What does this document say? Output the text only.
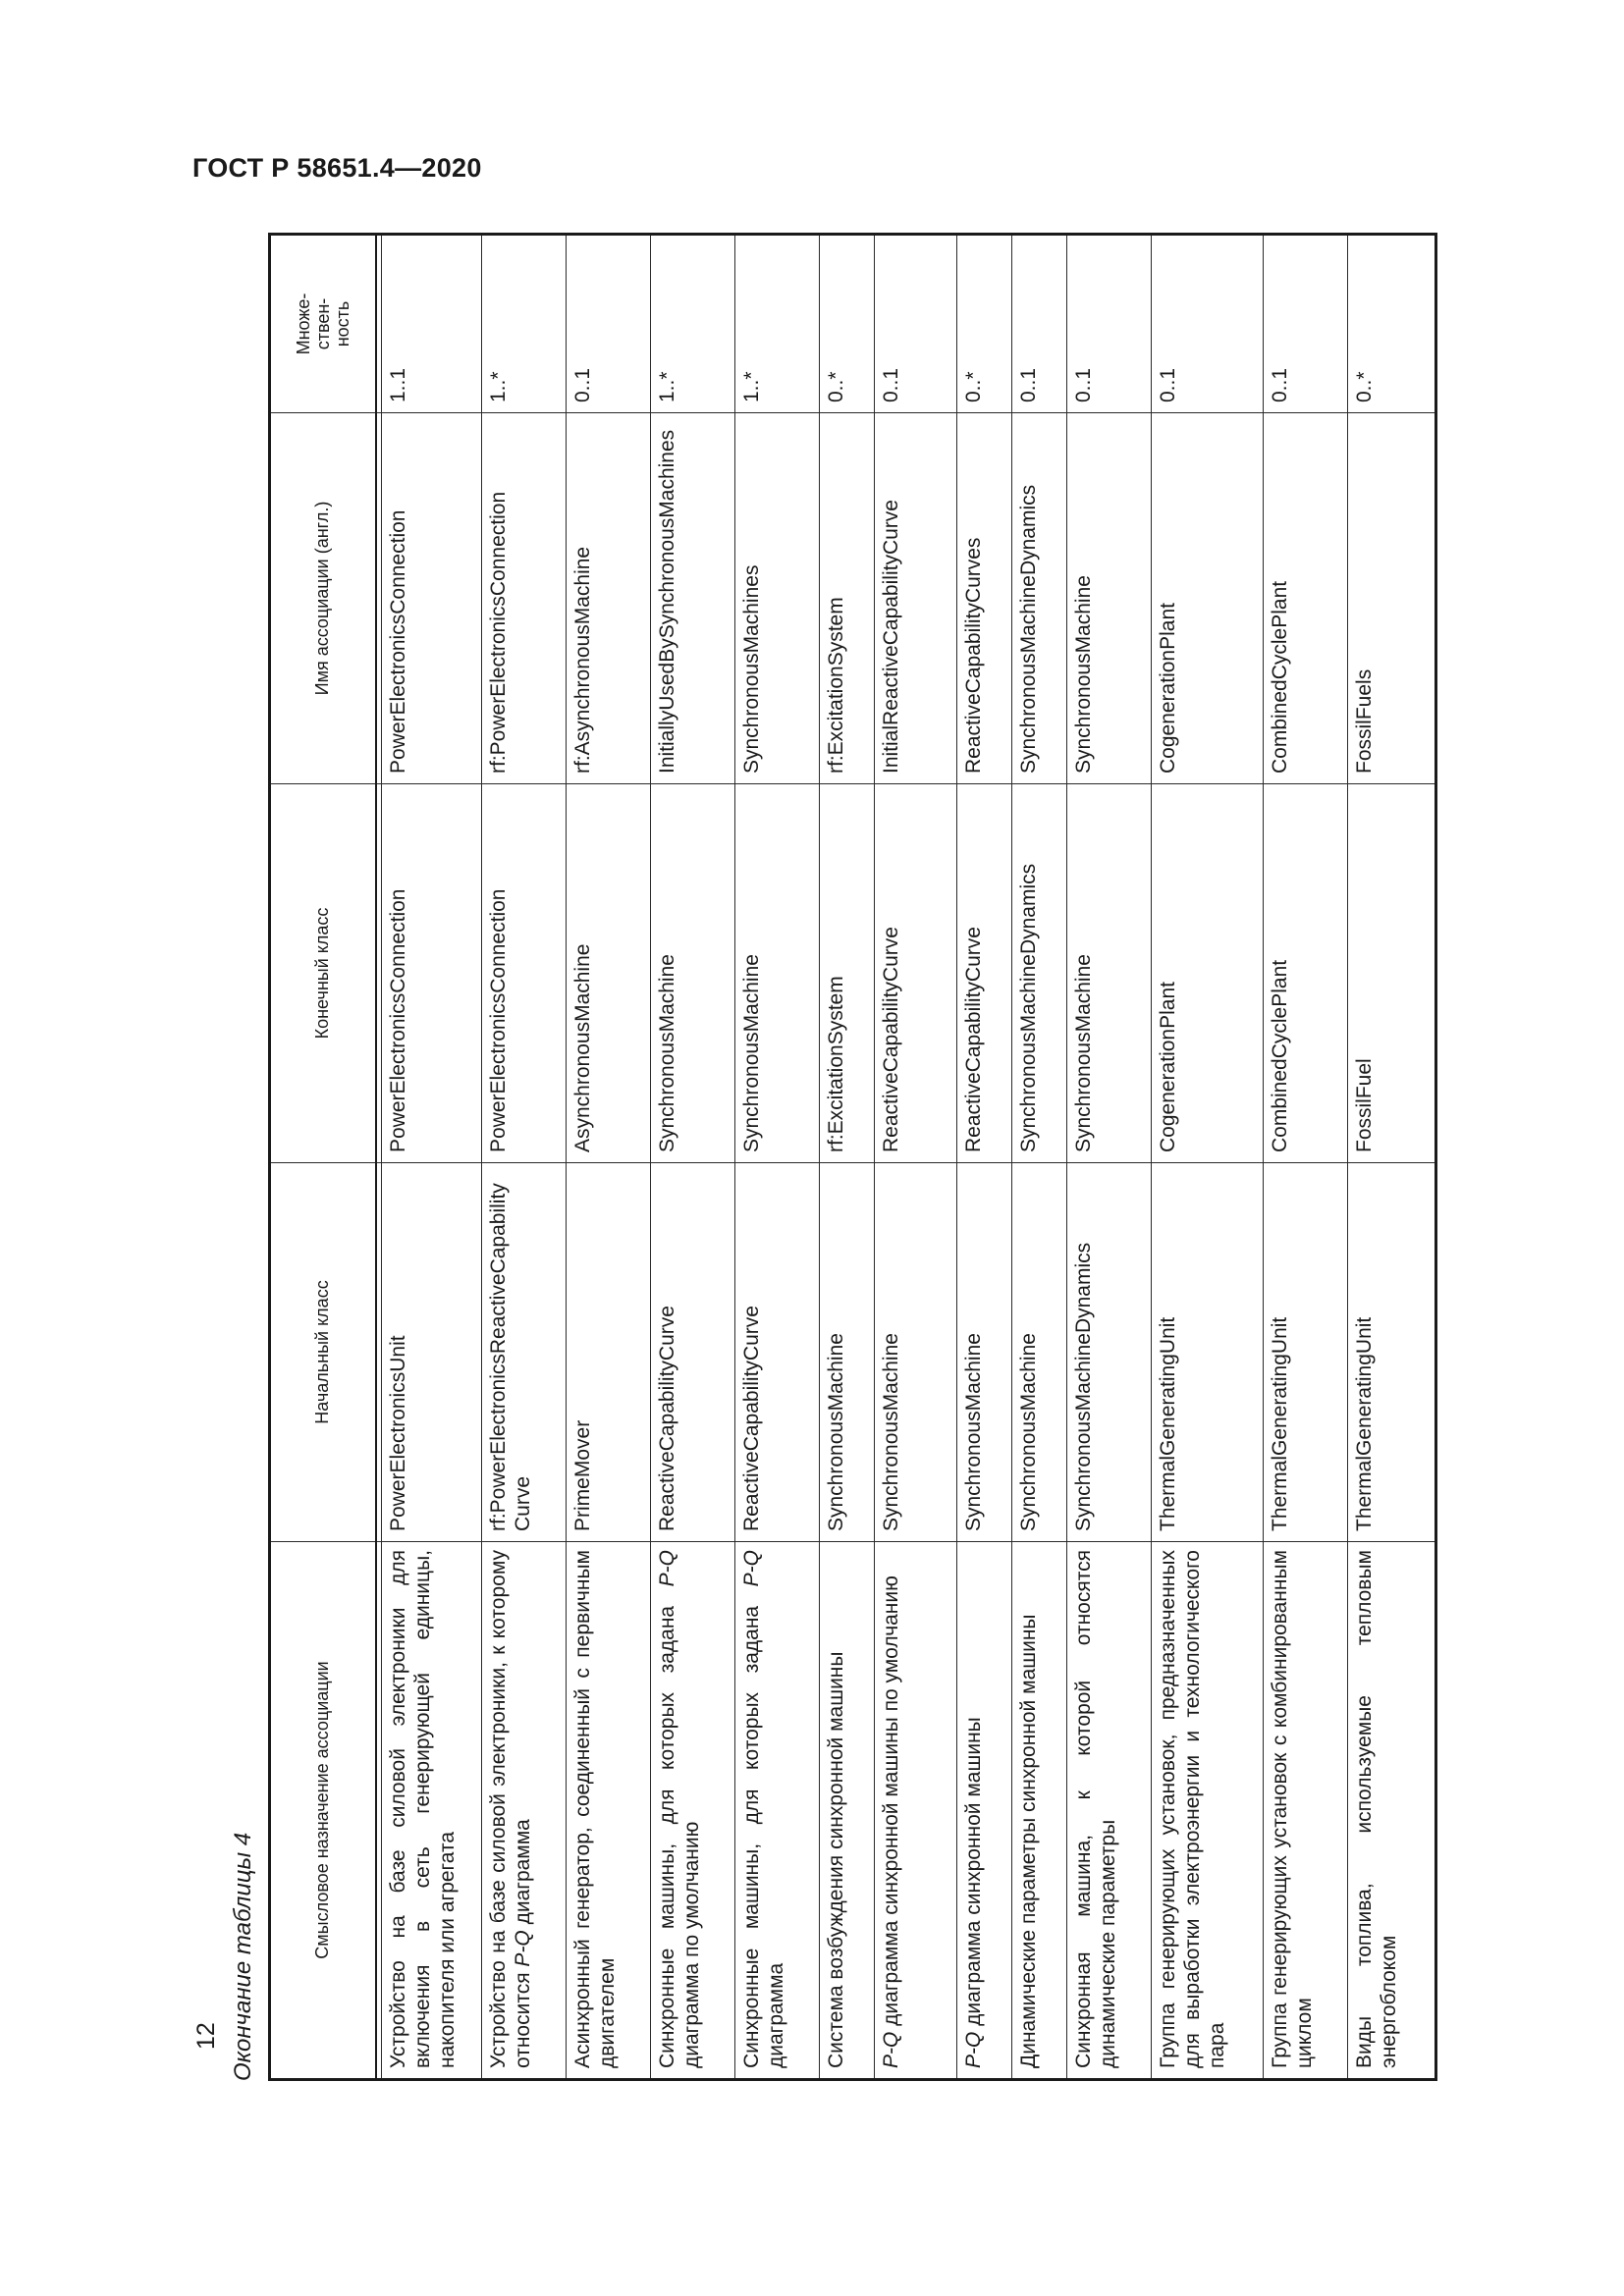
ГОСТ Р 58651.4—2020
12 Окончание таблицы 4	Смысловое назначение ассоциации	Начальный класс	Конечный класс	Имя ассоциации (англ.)	Множе-
ствен-
ность

Устройство на базе силовой электроники для включения в сеть генерирующей единицы, накопителя или агрегата	PowerElectronicsUnit	PowerElectronicsConnection	PowerElectronicsConnection	1..1
Устройство на базе силовой электроники, к которому относится P-Q диаграмма	rf:PowerElectronicsReactiveCapabilityCurve	PowerElectronicsConnection	rf:PowerElectronicsConnection	1..*
Асинхронный генератор, соединенный с первичным двигателем	PrimeMover	AsynchronousMachine	rf:AsynchronousMachine	0..1
Синхронные машины, для которых задана P-Q диаграмма по умолчанию	ReactiveCapabilityCurve	SynchronousMachine	InitiallyUsedBySynchronousMachines	1..*
Синхронные машины, для которых задана P-Q диаграмма	ReactiveCapabilityCurve	SynchronousMachine	SynchronousMachines	1..*
Система возбуждения синхронной машины	SynchronousMachine	rf:ExcitationSystem	rf:ExcitationSystem	0..*
P-Q диаграмма синхронной машины по умолчанию	SynchronousMachine	ReactiveCapabilityCurve	InitialReactiveCapabilityCurve	0..1
P-Q диаграмма синхронной машины	SynchronousMachine	ReactiveCapabilityCurve	ReactiveCapabilityCurves	0..*
Динамические параметры синхронной машины	SynchronousMachine	SynchronousMachineDynamics	SynchronousMachineDynamics	0..1
Синхронная машина, к которой относятся динамические параметры	SynchronousMachineDynamics	SynchronousMachine	SynchronousMachine	0..1
Группа генерирующих установок, предназначенных для выработки электроэнергии и технологического пара	ThermalGeneratingUnit	CogenerationPlant	CogenerationPlant	0..1
Группа генерирующих установок с комбинированным циклом	ThermalGeneratingUnit	CombinedCyclePlant	CombinedCyclePlant	0..1
Виды топлива, используемые тепловым энергоблоком	ThermalGeneratingUnit	FossilFuel	FossilFuels	0..*
